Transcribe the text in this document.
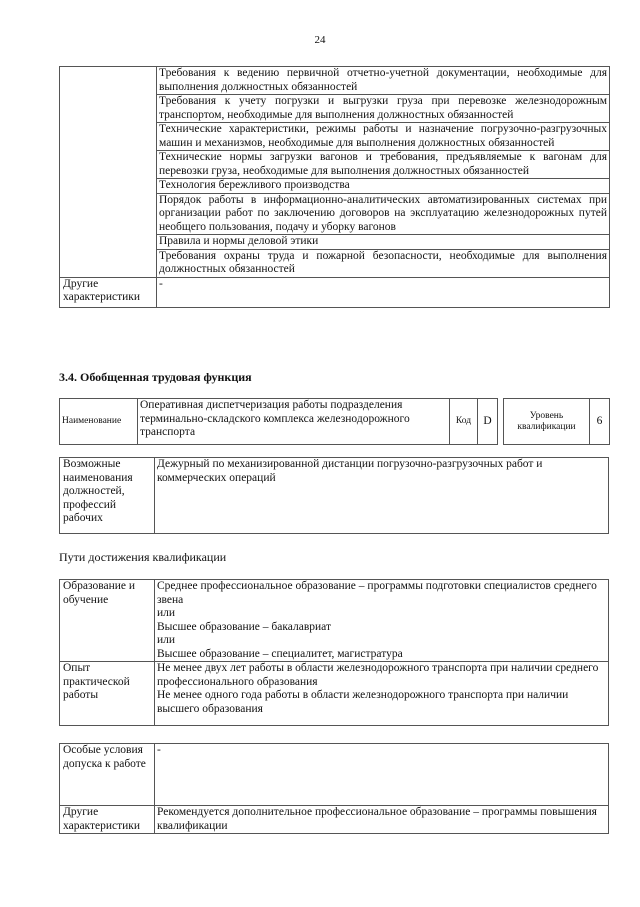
24
	Требования к ведению первичной отчетно-учетной документации, необходимые для выполнения должностных обязанностей
	Требования к учету погрузки и выгрузки груза при перевозке железнодорожным транспортом, необходимые для выполнения должностных обязанностей
	Технические характеристики, режимы работы и назначение погрузочно-разгрузочных машин и механизмов, необходимые для выполнения должностных обязанностей
	Технические нормы загрузки вагонов и требования, предъявляемые к вагонам для перевозки груза, необходимые для выполнения должностных обязанностей
	Технология бережливого производства
	Порядок работы в информационно-аналитических автоматизированных системах при организации работ по заключению договоров на эксплуатацию железнодорожных путей необщего пользования, подачу и уборку вагонов
	Правила и нормы деловой этики
	Требования охраны труда и пожарной безопасности, необходимые для выполнения должностных обязанностей
Другие характеристики	-
3.4. Обобщенная трудовая функция
Наименование	Оперативная диспетчеризация работы подразделения терминально-складского комплекса железнодорожного транспорта	Код	D		Уровень квалификации	6
Возможные наименования должностей, профессий рабочих	Дежурный по механизированной дистанции погрузочно-разгрузочных работ и коммерческих операций
Пути достижения квалификации
Образование и обучение	Среднее профессиональное образование – программы подготовки специалистов среднего звена
или
Высшее образование – бакалавриат
или
Высшее образование – специалитет, магистратура

Опыт практической работы	Не менее двух лет работы в области железнодорожного транспорта при наличии среднего профессионального образования
Не менее одного года работы в области железнодорожного транспорта при наличии высшего образования
Особые условия допуска к работе	-
Другие характеристики	Рекомендуется дополнительное профессиональное образование – программы повышения квалификации
